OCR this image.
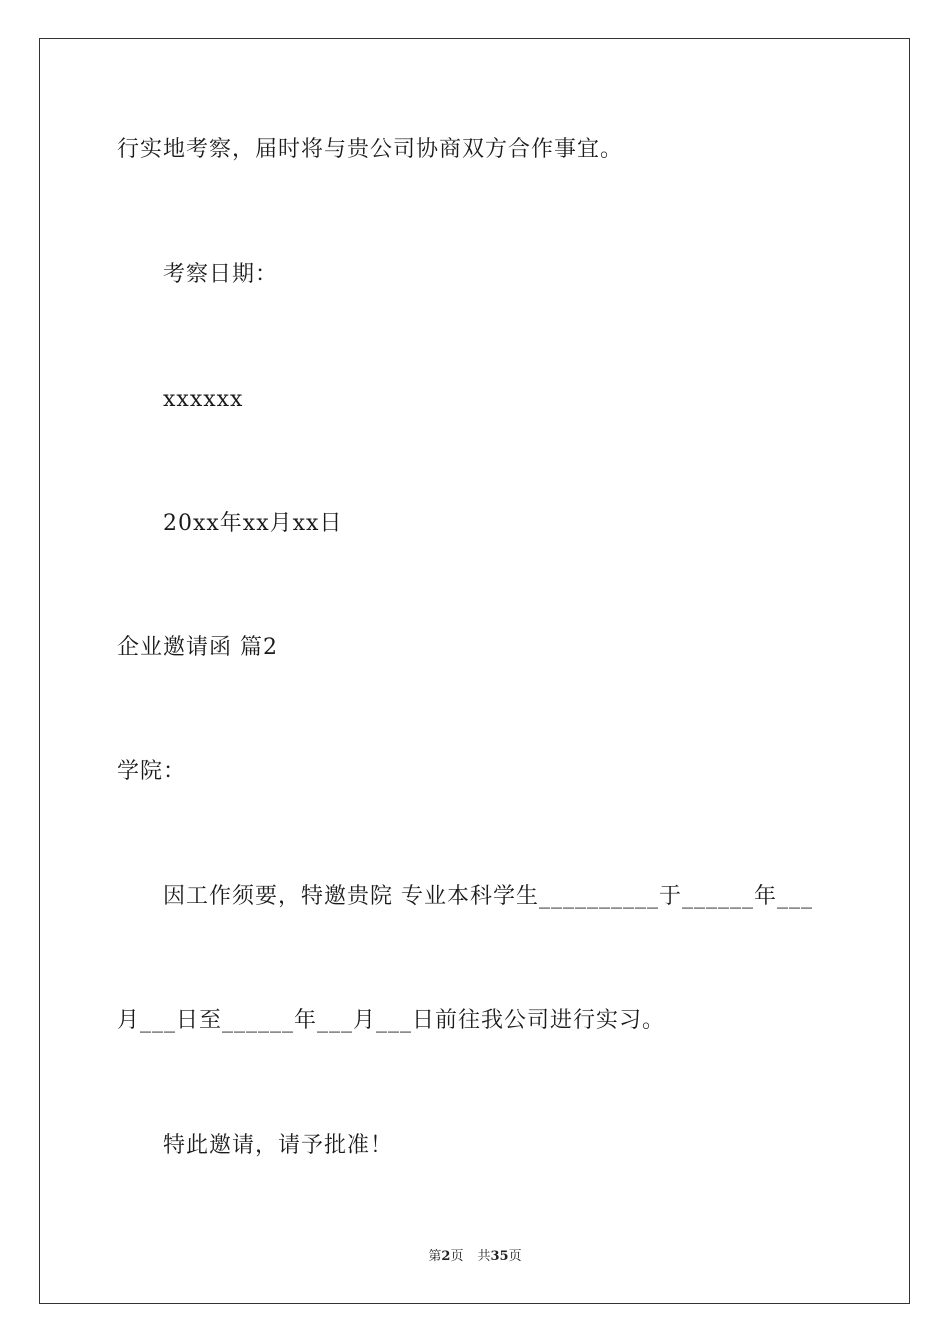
行实地考察，届时将与贵公司协商双方合作事宜。
考察日期：
xxxxxx
20xx年xx月xx日
企业邀请函 篇2
学院：
因工作须要，特邀贵院 专业本科学生__________于______年___
月___日至______年___月___日前往我公司进行实习。
特此邀请，请予批准！
第2页 共35页
